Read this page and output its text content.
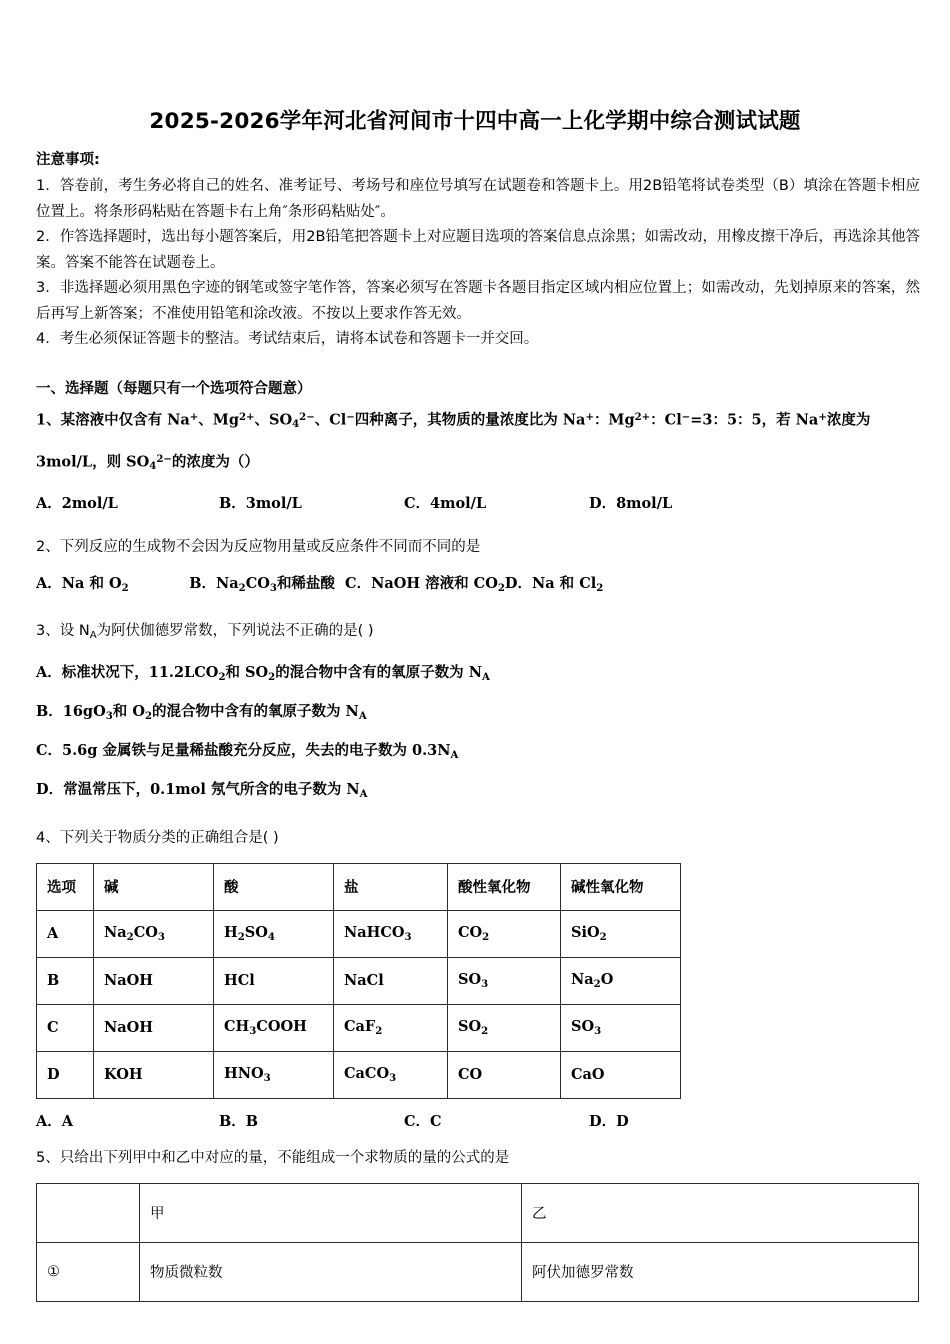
2025-2026学年河北省河间市十四中高一上化学期中综合测试试题

注意事项:

1．答卷前，考生务必将自己的姓名、准考证号、考场号和座位号填写在试题卷和答题卡上。用2B铅笔将试卷类型（B）填涂在答题卡相应位置上。将条形码粘贴在答题卡右上角″条形码粘贴处″。

2．作答选择题时，选出每小题答案后，用2B铅笔把答题卡上对应题目选项的答案信息点涂黑；如需改动，用橡皮擦干净后，再选涂其他答案。答案不能答在试题卷上。

3．非选择题必须用黑色字迹的钢笔或签字笔作答，答案必须写在答题卡各题目指定区域内相应位置上；如需改动，先划掉原来的答案，然后再写上新答案；不准使用铅笔和涂改液。不按以上要求作答无效。

4．考生必须保证答题卡的整洁。考试结束后，请将本试卷和答题卡一并交回。

一、选择题（每题只有一个选项符合题意）

1、某溶液中仅含有 Na+、$Mg^{2+}$、$SO_4^{2-}$、Cl−四种离子，其物质的量浓度比为 Na+：$Mg^{2+}$：Cl−=3：5：5，若 Na+浓度为

3mol/L，则 $SO_4^{2-}$的浓度为（）

A．2mol/L	B．3mol/L	C．4mol/L	D．8mol/L

2、下列反应的生成物不会因为反应物用量或反应条件不同而不同的是

A．Na 和 $O_2$	B．$Na_2CO_3$和稀盐酸 C．NaOH 溶液和 $CO_2D$．Na 和 $Cl_2$

3、设 $N_A$为阿伏伽德罗常数，下列说法不正确的是( )

A．标准状况下，$11.2LCO_2$和 $SO_2$的混合物中含有的氧原子数为 $N_A$

B．$16gO_3$和 $O_2$的混合物中含有的氧原子数为 $N_A$

C．5.6g 金属铁与足量稀盐酸充分反应，失去的电子数为 $0.3N_A$

D．常温常压下，0.1mol 氖气所含的电子数为 $N_A$

4、下列关于物质分类的正确组合是( )

选项	碱	酸	盐	酸性氧化物	碱性氧化物
A	$Na_2CO_3$	$H_2SO_4$	NaHCO$_3$	$CO_2$	SiO$_2$
B	NaOH	HCl	NaCl	$SO_3$	$Na_2O$
C	NaOH	$CH_3COOH$	CaF$_2$	$SO_2$	$SO_3$
D	KOH	$HNO_3$	CaCO$_3$	CO	CaO
A．A	B．B	C．C	D．D

5、只给出下列甲中和乙中对应的量，不能组成一个求物质的量的公式的是

	甲	乙
①	物质微粒数	阿伏加德罗常数
